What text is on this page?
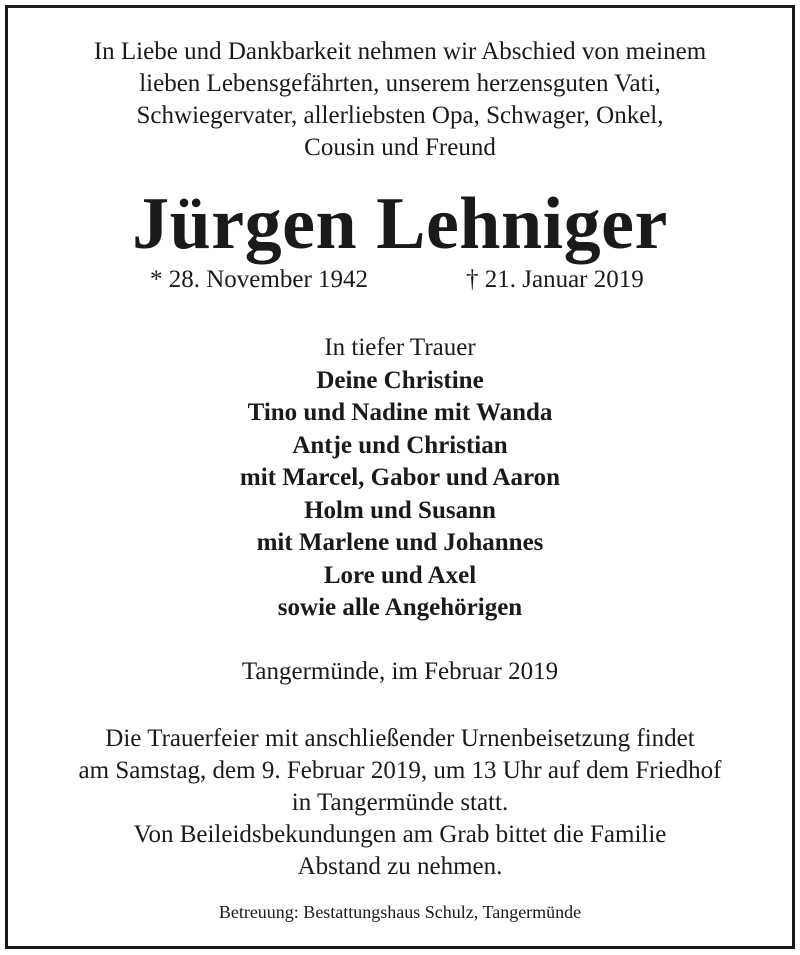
In Liebe und Dankbarkeit nehmen wir Abschied von meinem
lieben Lebensgefährten, unserem herzensguten Vati,
Schwiegervater, allerliebsten Opa, Schwager, Onkel,
Cousin und Freund
Jürgen Lehniger
* 28. November 1942	† 21. Januar 2019
In tiefer Trauer
Deine Christine
Tino und Nadine mit Wanda
Antje und Christian
mit Marcel, Gabor und Aaron
Holm und Susann
mit Marlene und Johannes
Lore und Axel
sowie alle Angehörigen
Tangermünde, im Februar 2019
Die Trauerfeier mit anschließender Urnenbeisetzung findet
am Samstag, dem 9. Februar 2019, um 13 Uhr auf dem Friedhof
in Tangermünde statt.
Von Beileidsbekundungen am Grab bittet die Familie
Abstand zu nehmen.
Betreuung: Bestattungshaus Schulz, Tangermünde
